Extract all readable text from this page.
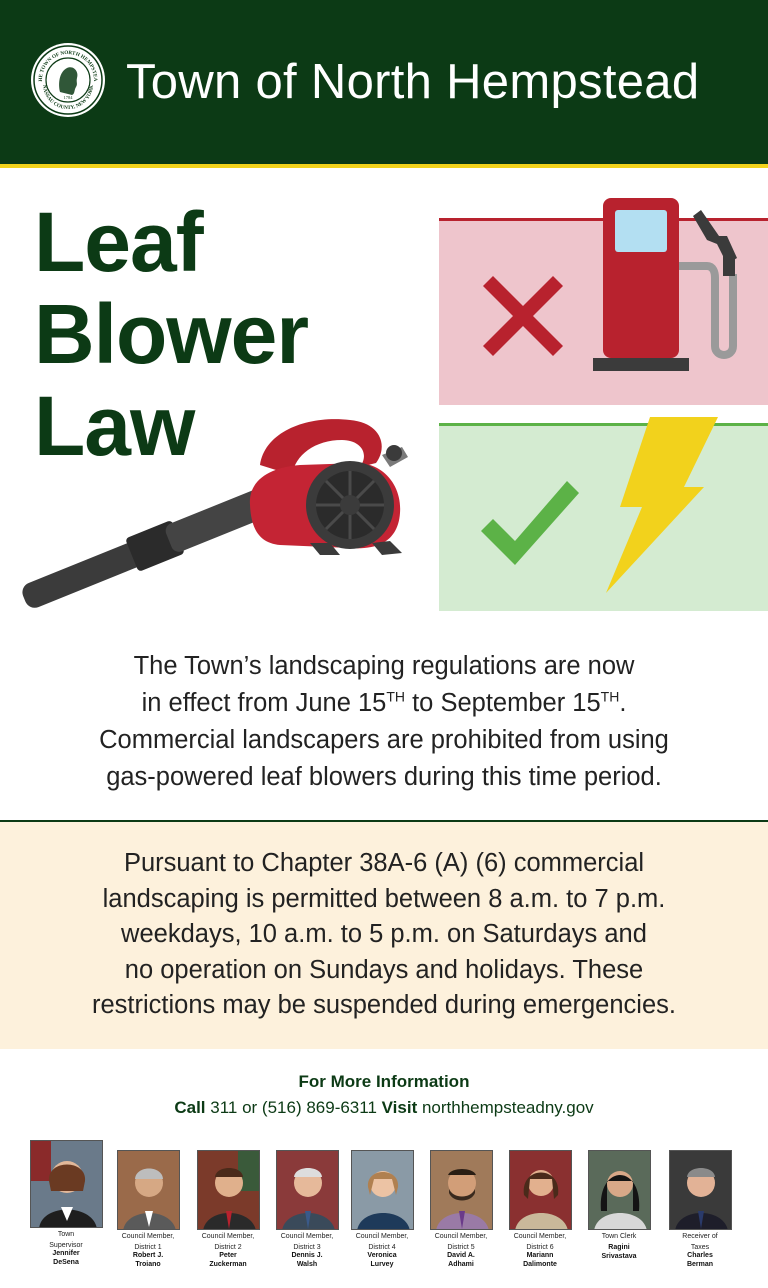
HE TOWN OF NORTH HEMPSTEA
NASSAU COUNTY, NEW YORK
1784 Town of North Hempstead
Leaf
Blower
Law
The Town’s landscaping regulations are now
in effect from June 15TH to September 15TH.
Commercial landscapers are prohibited from using
gas-powered leaf blowers during this time period.
Pursuant to Chapter 38A-6 (A) (6) commercial
landscaping is permitted between 8 a.m. to 7 p.m.
weekdays, 10 a.m. to 5 p.m. on Saturdays and
no operation on Sundays and holidays. These
restrictions may be suspended during emergencies.
For More Information
Call 311 or (516) 869-6311 Visit northhempsteadny.gov
Town
Supervisor
Jennifer
DeSena
Council Member,
District 1
Robert J.
Troiano
Council Member,
District 2
Peter
Zuckerman
Council Member,
District 3
Dennis J.
Walsh
Council Member,
District 4
Veronica
Lurvey
Council Member,
District 5
David A.
Adhami
Council Member,
District 6
Mariann
Dalimonte
Town Clerk
Ragini
Srivastava
Receiver of
Taxes
Charles
Berman
